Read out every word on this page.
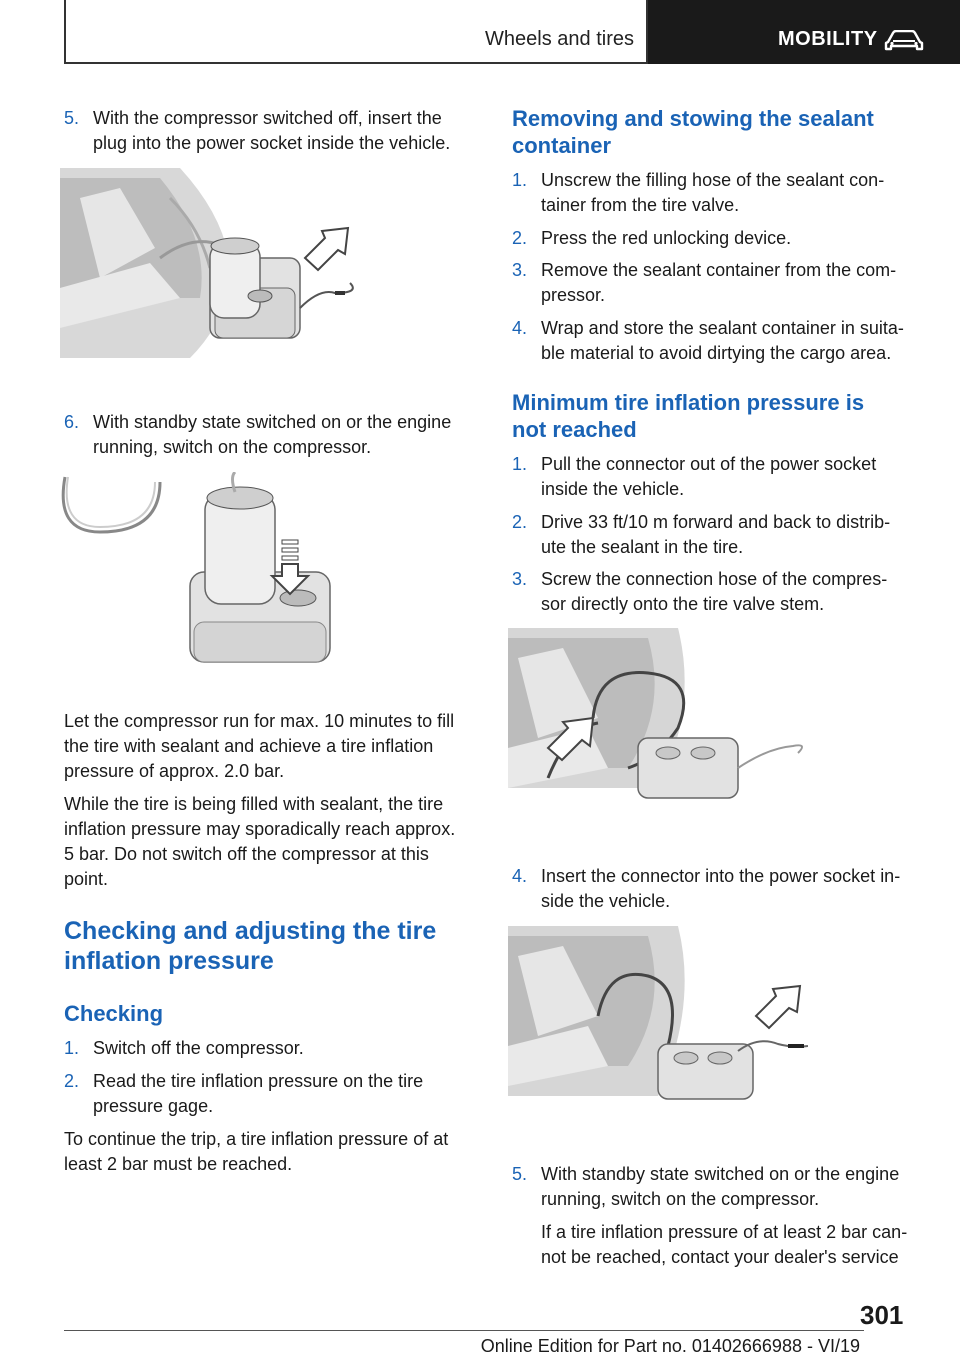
Wheels and tires	MOBILITY
5. With the compressor switched off, insert the
plug into the power socket inside the vehicle.
6. With standby state switched on or the engine
running, switch on the compressor.
Let the compressor run for max. 10 minutes to fill
the tire with sealant and achieve a tire inflation
pressure of approx. 2.0 bar.
While the tire is being filled with sealant, the tire
inflation pressure may sporadically reach approx.
5 bar. Do not switch off the compressor at this
point.
Checking and adjusting the tire
inflation pressure
Checking
1. Switch off the compressor.
2. Read the tire inflation pressure on the tire
pressure gage.
To continue the trip, a tire inflation pressure of at
least 2 bar must be reached.
Removing and stowing the sealant
container
1. Unscrew the filling hose of the sealant con-
tainer from the tire valve.
2. Press the red unlocking device.
3. Remove the sealant container from the com-
pressor.
4. Wrap and store the sealant container in suita-
ble material to avoid dirtying the cargo area.
Minimum tire inflation pressure is
not reached
1. Pull the connector out of the power socket
inside the vehicle.
2. Drive 33 ft/10 m forward and back to distrib-
ute the sealant in the tire.
3. Screw the connection hose of the compres-
sor directly onto the tire valve stem.
4. Insert the connector into the power socket in-
side the vehicle.
5. With standby state switched on or the engine
running, switch on the compressor.
If a tire inflation pressure of at least 2 bar can-
not be reached, contact your dealer's service
301
Online Edition for Part no. 01402666988 - VI/19
